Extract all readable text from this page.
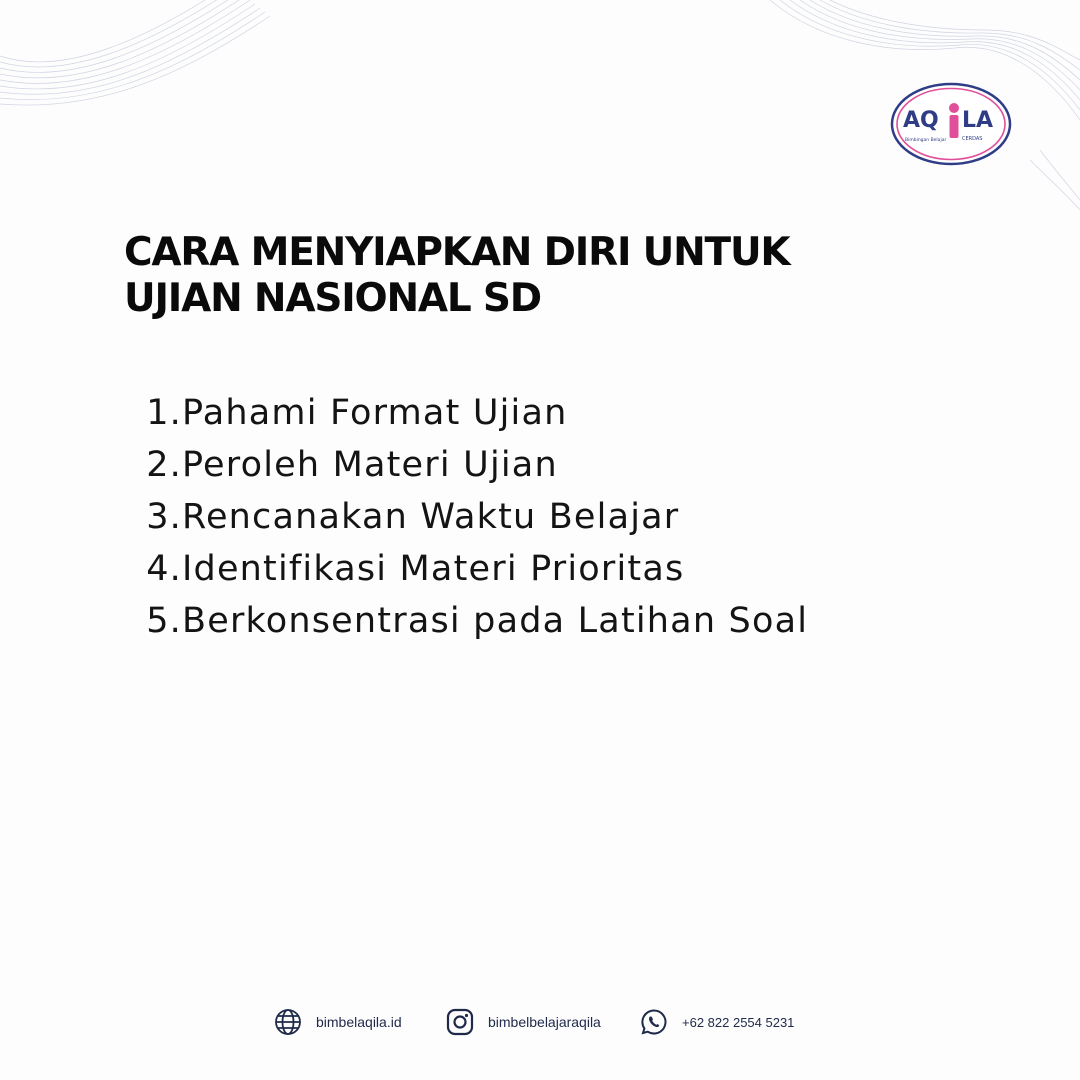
AQ LA
Bimbingan Belajar	CERDAS
CARA MENYIAPKAN DIRI UNTUK
UJIAN NASIONAL SD
1. Pahami Format Ujian
2. Peroleh Materi Ujian
3. Rencanakan Waktu Belajar
4. Identifikasi Materi Prioritas
5. Berkonsentrasi pada Latihan Soal
bimbelaqila.id	bimbelbelajaraqila	+62 822 2554 5231
